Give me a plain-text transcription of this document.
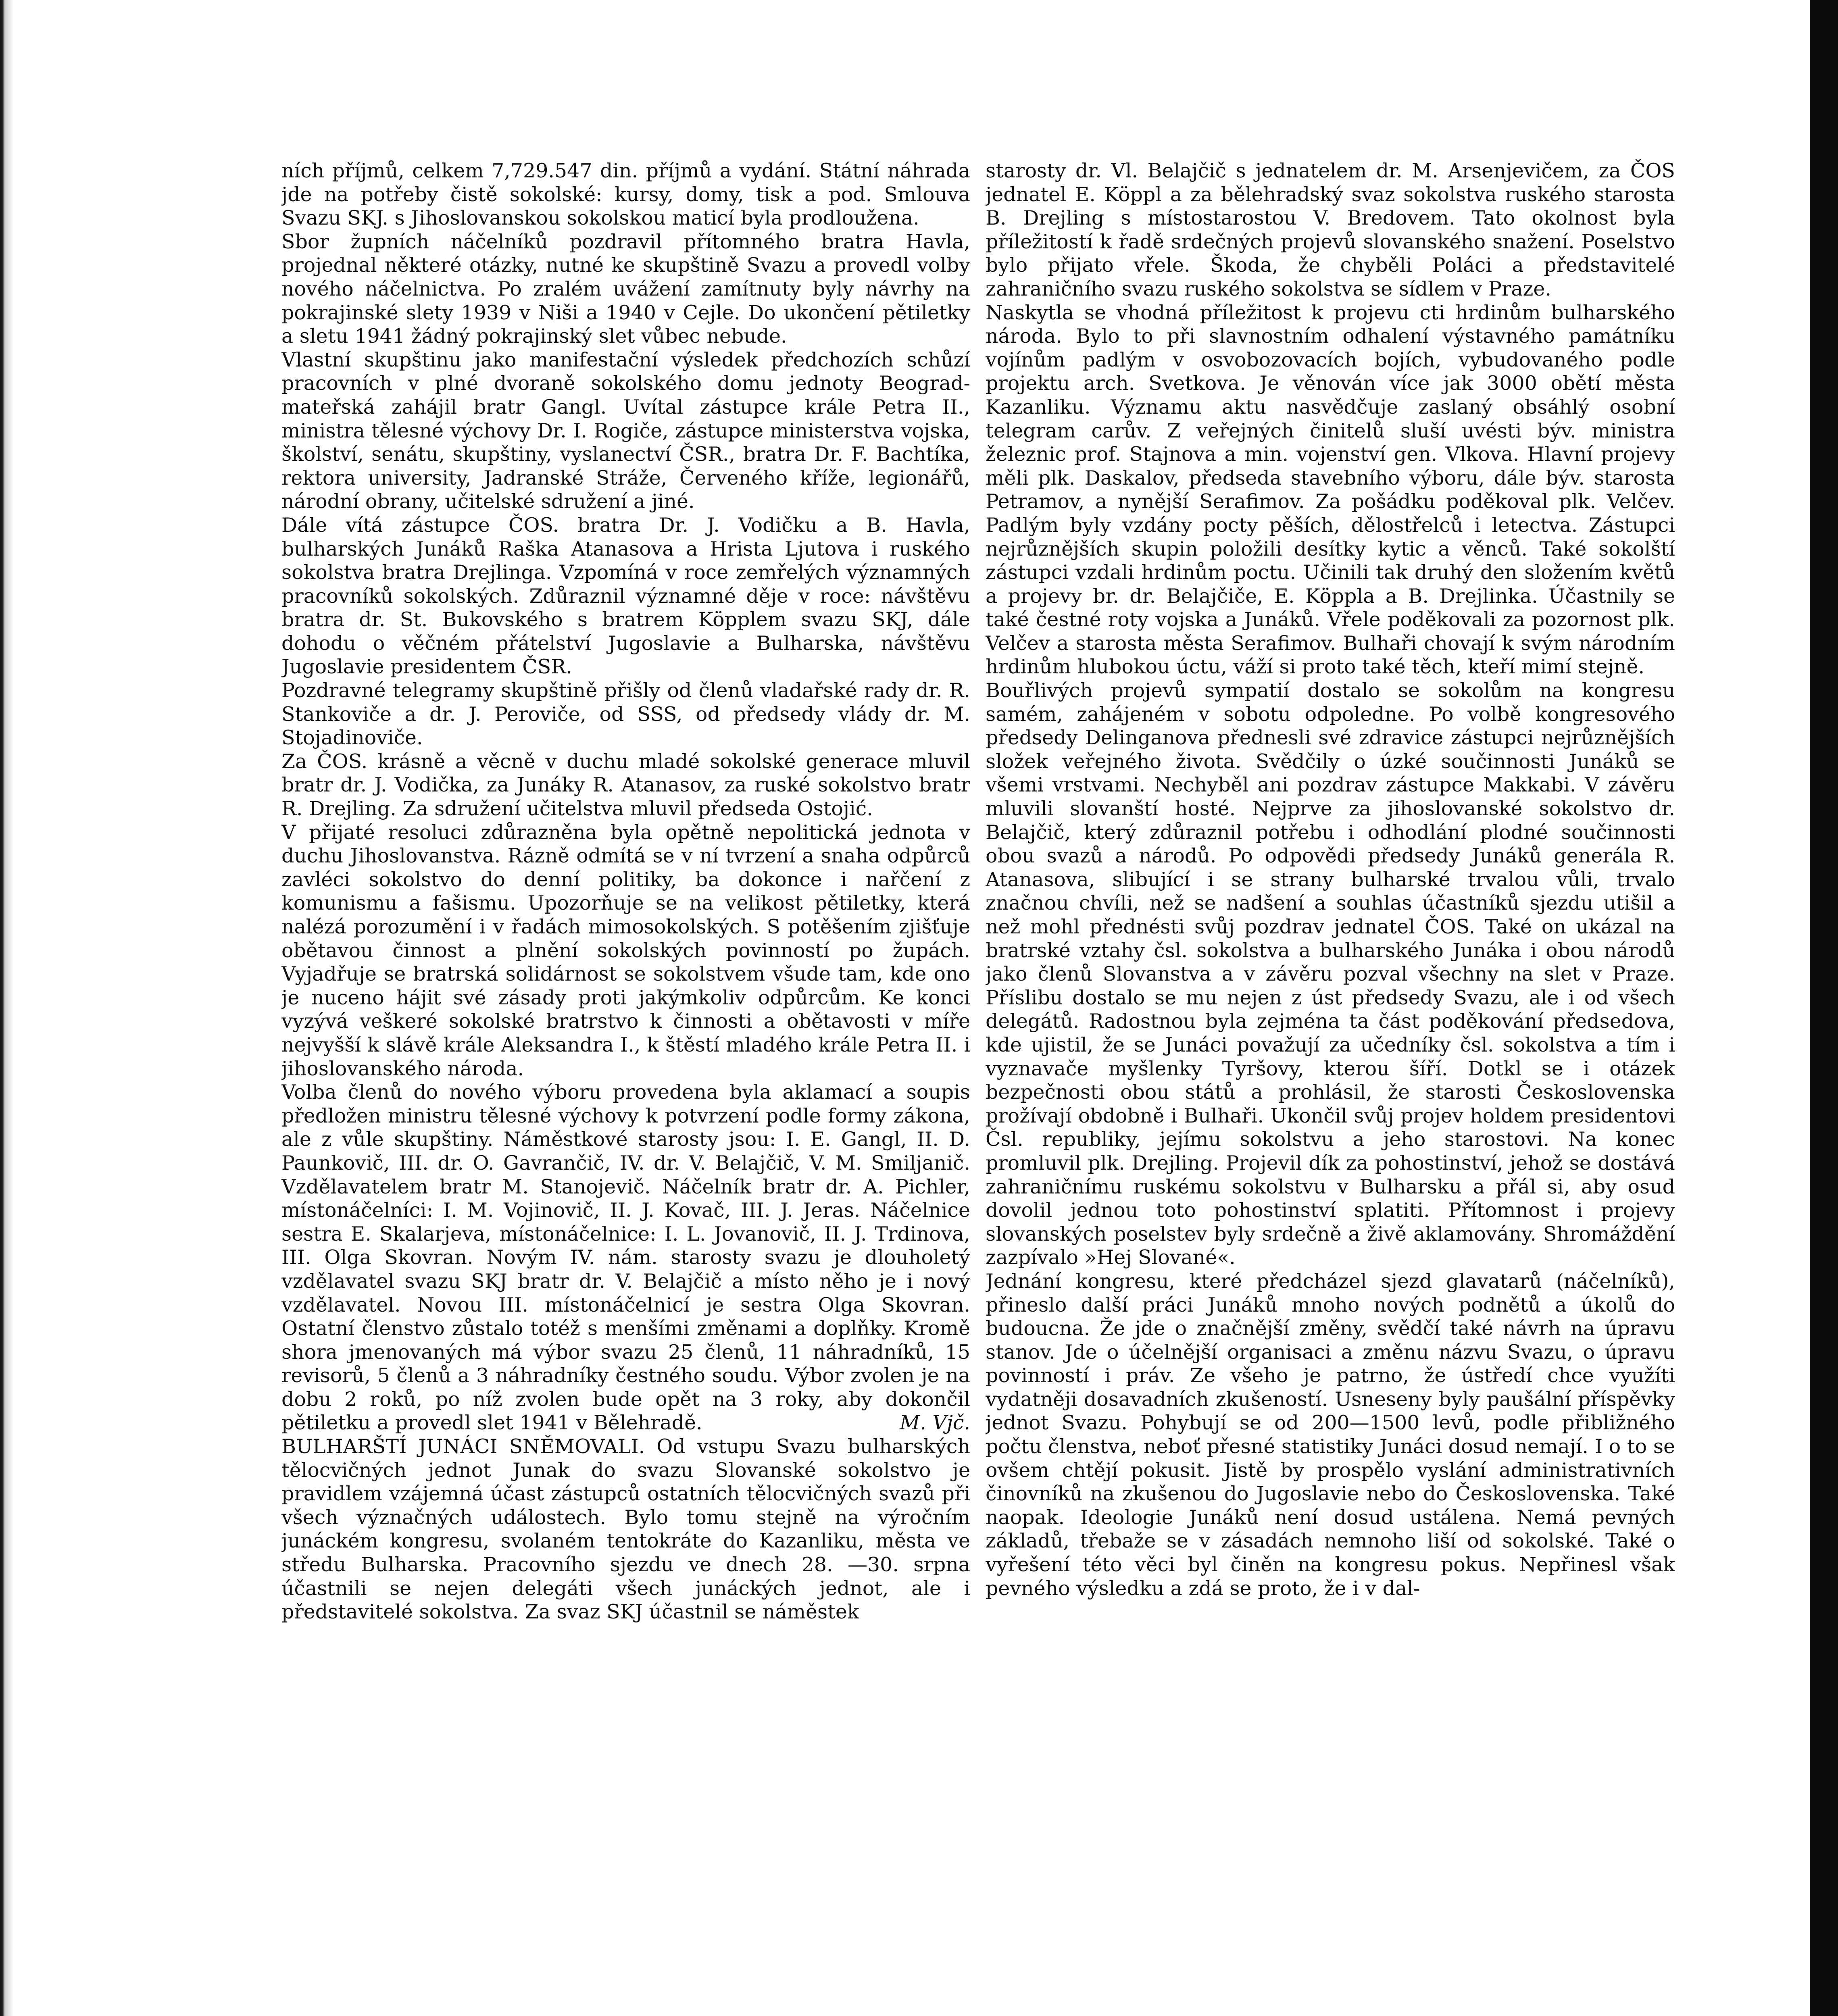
ních příjmů, celkem 7,729.547 din. příjmů a vydání. Státní náhrada jde na potřeby čistě sokolské: kursy, domy, tisk a pod. Smlouva Svazu SKJ. s Jihoslovanskou sokolskou maticí byla prodloužena.

Sbor župních náčelníků pozdravil přítomného bratra Havla, projednal některé otázky, nutné ke skupštině Svazu a provedl volby nového náčelnictva. Po zralém uvážení zamítnuty byly návrhy na pokrajinské slety 1939 v Niši a 1940 v Cejle. Do ukončení pětiletky a sletu 1941 žádný pokrajinský slet vůbec nebude.

Vlastní skupštinu jako manifestační výsledek předchozích schůzí pracovních v plné dvoraně sokolského domu jednoty Beograd-mateřská zahájil bratr Gangl. Uvítal zástupce krále Petra II., ministra tělesné výchovy Dr. I. Rogiče, zástupce ministerstva vojska, školství, senátu, skupštiny, vyslanectví ČSR., bratra Dr. F. Bachtíka, rektora university, Jadranské Stráže, Červeného kříže, legionářů, národní obrany, učitelské sdružení a jiné.

Dále vítá zástupce ČOS. bratra Dr. J. Vodičku a B. Havla, bulharských Junáků Raška Atanasova a Hrista Ljutova i ruského sokolstva bratra Drejlinga. Vzpomíná v roce zemřelých významných pracovníků sokolských. Zdůraznil významné děje v roce: návštěvu bratra dr. St. Bukovského s bratrem Köpplem svazu SKJ, dále dohodu o věčném přátelství Jugoslavie a Bulharska, návštěvu Jugoslavie presidentem ČSR.

Pozdravné telegramy skupštině přišly od členů vladařské rady dr. R. Stankoviče a dr. J. Peroviče, od SSS, od předsedy vlády dr. M. Stojadinoviče.

Za ČOS. krásně a věcně v duchu mladé sokolské generace mluvil bratr dr. J. Vodička, za Junáky R. Atanasov, za ruské sokolstvo bratr R. Drejling. Za sdružení učitelstva mluvil předseda Ostojić.

V přijaté resoluci zdůrazněna byla opětně nepolitická jednota v duchu Jihoslovanstva. Rázně odmítá se v ní tvrzení a snaha odpůrců zavléci sokolstvo do denní politiky, ba dokonce i nařčení z komunismu a fašismu. Upozorňuje se na velikost pětiletky, která nalézá porozumění i v řadách mimosokolských. S potěšením zjišťuje obětavou činnost a plnění sokolských povinností po župách. Vyjadřuje se bratrská solidárnost se sokolstvem všude tam, kde ono je nuceno hájit své zásady proti jakýmkoliv odpůrcům. Ke konci vyzývá veškeré sokolské bratrstvo k činnosti a obětavosti v míře nejvyšší k slávě krále Aleksandra I., k štěstí mladého krále Petra II. i jihoslovanského národa.

Volba členů do nového výboru provedena byla aklamací a soupis předložen ministru tělesné výchovy k potvrzení podle formy zákona, ale z vůle skupštiny. Náměstkové starosty jsou: I. E. Gangl, II. D. Paunkovič, III. dr. O. Gavrančič, IV. dr. V. Belajčič, V. M. Smiljanič. Vzdělavatelem bratr M. Stanojevič. Náčelník bratr dr. A. Pichler, místonáčelníci: I. M. Vojinovič, II. J. Kovač, III. J. Jeras. Náčelnice sestra E. Skalarjeva, místonáčelnice: I. L. Jovanovič, II. J. Trdinova, III. Olga Skovran. Novým IV. nám. starosty svazu je dlouholetý vzdělavatel svazu SKJ bratr dr. V. Belajčič a místo něho je i nový vzdělavatel. Novou III. místonáčelnicí je sestra Olga Skovran. Ostatní členstvo zůstalo totéž s menšími změnami a doplňky. Kromě shora jmenovaných má výbor svazu 25 členů, 11 náhradníků, 15 revisorů, 5 členů a 3 náhradníky čestného soudu. Výbor zvolen je na dobu 2 roků, po níž zvolen bude opět na 3 roky, aby dokončil pětiletku a provedl slet 1941 v Bělehradě.	M. Vjč.

BULHARŠTÍ JUNÁCI SNĚMOVALI. Od vstupu Svazu bulharských tělocvičných jednot Junak do svazu Slovanské sokolstvo je pravidlem vzájemná účast zástupců ostatních tělocvičných svazů při všech význačných událostech. Bylo tomu stejně na výročním junáckém kongresu, svolaném tentokráte do Kazanliku, města ve středu Bulharska. Pracovního sjezdu ve dnech 28. —30. srpna účastnili se nejen delegáti všech junáckých jednot, ale i představitelé sokolstva. Za svaz SKJ účastnil se náměstek

starosty dr. Vl. Belajčič s jednatelem dr. M. Arsenjevičem, za ČOS jednatel E. Köppl a za bělehradský svaz sokolstva ruského starosta B. Drejling s místostarostou V. Bredovem. Tato okolnost byla příležitostí k řadě srdečných projevů slovanského snažení. Poselstvo bylo přijato vřele. Škoda, že chyběli Poláci a představitelé zahraničního svazu ruského sokolstva se sídlem v Praze.

Naskytla se vhodná příležitost k projevu cti hrdinům bulharského národa. Bylo to při slavnostním odhalení výstavného památníku vojínům padlým v osvobozovacích bojích, vybudovaného podle projektu arch. Svetkova. Je věnován více jak 3000 obětí města Kazanliku. Významu aktu nasvědčuje zaslaný obsáhlý osobní telegram carův. Z veřejných činitelů sluší uvésti býv. ministra železnic prof. Stajnova a min. vojenství gen. Vlkova. Hlavní projevy měli plk. Daskalov, předseda stavebního výboru, dále býv. starosta Petramov, a nynější Serafimov. Za pošádku poděkoval plk. Velčev. Padlým byly vzdány pocty pěších, dělostřelců i letectva. Zástupci nejrůznějších skupin položili desítky kytic a věnců. Také sokolští zástupci vzdali hrdinům poctu. Učinili tak druhý den složením květů a projevy br. dr. Belajčiče, E. Köppla a B. Drejlinka. Účastnily se také čestné roty vojska a Junáků. Vřele poděkovali za pozornost plk. Velčev a starosta města Serafimov. Bulhaři chovají k svým národním hrdinům hlubokou úctu, váží si proto také těch, kteří mimí stejně.

Bouřlivých projevů sympatií dostalo se sokolům na kongresu samém, zahájeném v sobotu odpoledne. Po volbě kongresového předsedy Delinganova přednesli své zdravice zástupci nejrůznějších složek veřejného života. Svědčily o úzké součinnosti Junáků se všemi vrstvami. Nechyběl ani pozdrav zástupce Makkabi. V závěru mluvili slovanští hosté. Nejprve za jihoslovanské sokolstvo dr. Belajčič, který zdůraznil potřebu i odhodlání plodné součinnosti obou svazů a národů. Po odpovědi předsedy Junáků generála R. Atanasova, slibující i se strany bulharské trvalou vůli, trvalo značnou chvíli, než se nadšení a souhlas účastníků sjezdu utišil a než mohl přednésti svůj pozdrav jednatel ČOS. Také on ukázal na bratrské vztahy čsl. sokolstva a bulharského Junáka i obou národů jako členů Slovanstva a v závěru pozval všechny na slet v Praze. Příslibu dostalo se mu nejen z úst předsedy Svazu, ale i od všech delegátů. Radostnou byla zejména ta část poděkování předsedova, kde ujistil, že se Junáci považují za učedníky čsl. sokolstva a tím i vyznavače myšlenky Tyršovy, kterou šíří. Dotkl se i otázek bezpečnosti obou států a prohlásil, že starosti Československa prožívají obdobně i Bulhaři. Ukončil svůj projev holdem presidentovi Čsl. republiky, jejímu sokolstvu a jeho starostovi. Na konec promluvil plk. Drejling. Projevil dík za pohostinství, jehož se dostává zahraničnímu ruskému sokolstvu v Bulharsku a přál si, aby osud dovolil jednou toto pohostinství splatiti. Přítomnost i projevy slovanských poselstev byly srdečně a živě aklamovány. Shromáždění zazpívalo »Hej Slované«.

Jednání kongresu, které předcházel sjezd glavatarů (náčelníků), přineslo další práci Junáků mnoho nových podnětů a úkolů do budoucna. Že jde o značnější změny, svědčí také návrh na úpravu stanov. Jde o účelnější organisaci a změnu názvu Svazu, o úpravu povinností i práv. Ze všeho je patrno, že ústředí chce využíti vydatněji dosavadních zkušeností. Usneseny byly paušální příspěvky jednot Svazu. Pohybují se od 200—1500 levů, podle přibližného počtu členstva, neboť přesné statistiky Junáci dosud nemají. I o to se ovšem chtějí pokusit. Jistě by prospělo vyslání administrativních činovníků na zkušenou do Jugoslavie nebo do Československa. Také naopak. Ideologie Junáků není dosud ustálena. Nemá pevných základů, třebaže se v zásadách nemnoho liší od sokolské. Také o vyřešení této věci byl činěn na kongresu pokus. Nepřinesl však pevného výsledku a zdá se proto, že i v dal-
